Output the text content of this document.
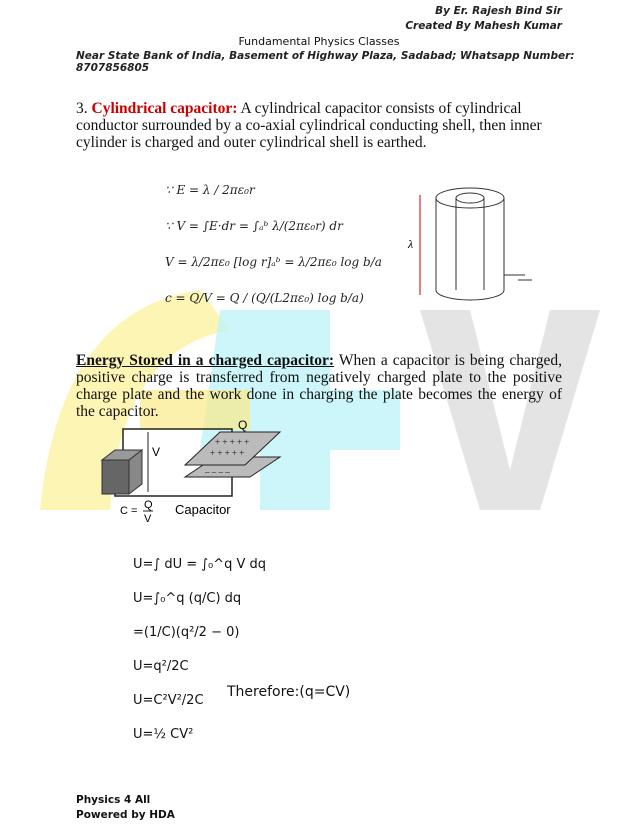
By Er. Rajesh Bind Sir
Created By Mahesh Kumar
Fundamental Physics Classes
Near State Bank of India, Basement of Highway Plaza, Sadabad; Whatsapp Number: 8707856805
3. Cylindrical capacitor: A cylindrical capacitor consists of cylindrical conductor surrounded by a co-axial cylindrical conducting shell, then inner cylinder is charged and outer cylindrical shell is earthed.
∵ E = λ / 2πε₀r
∵ V = ∫E·dr = ∫ₐᵇ λ/(2πε₀r) dr
V = λ/2πε₀ [log r]ₐᵇ = λ/2πε₀ log b/a
c = Q/V = Q / (Q/(L2πε₀) log b/a)
λ
Energy Stored in a charged capacitor: When a capacitor is being charged, positive charge is transferred from negatively charged plate to the positive charge plate and the work done in charging the plate becomes the energy of the capacitor.
V	+ + + + +
+ + + + +
– – – –
Q
C = Q
V
Capacitor
U=∫ dU = ∫₀^q V dq
U=∫₀^q (q/C) dq
=(1/C)(q²/2 − 0)
U=q²/2C
U=C²V²/2C
U=½ CV²
Therefore:(q=CV)
Physics 4 All
Powered by HDA
